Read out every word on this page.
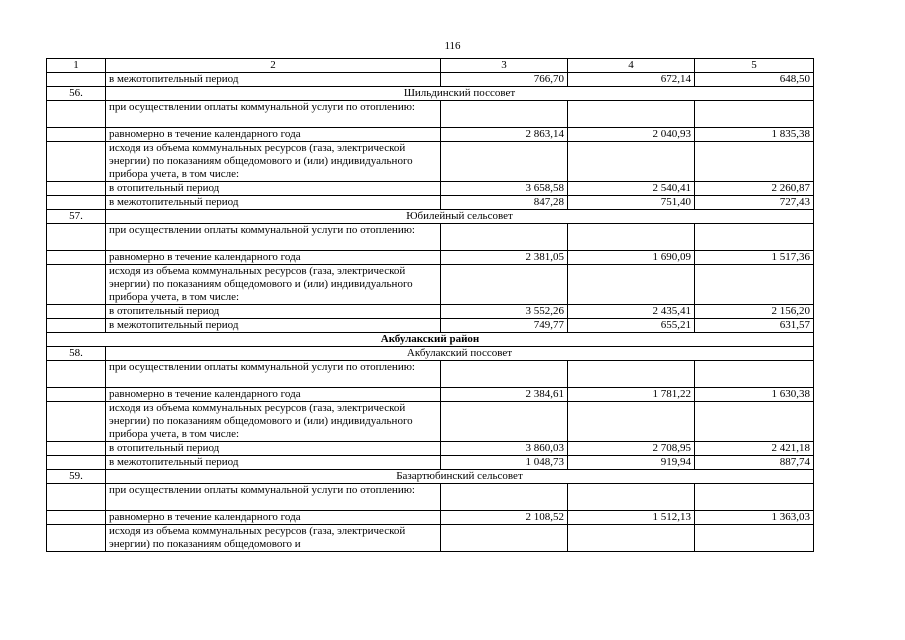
116
1	2	3	4	5
	в межотопительный период	766,70	672,14	648,50
56.	Шильдинский поссовет			
	при осуществлении оплаты коммунальной услуги по отоплению:			
	равномерно в течение календарного года	2 863,14	2 040,93	1 835,38
	исходя из объема коммунальных ресурсов (газа, электрической энергии) по показаниям общедомового и (или) индивидуального прибора учета, в том числе:			
	в отопительный период	3 658,58	2 540,41	2 260,87
	в межотопительный период	847,28	751,40	727,43
57.	Юбилейный сельсовет			
	при осуществлении оплаты коммунальной услуги по отоплению:			
	равномерно в течение календарного года	2 381,05	1 690,09	1 517,36
	исходя из объема коммунальных ресурсов (газа, электрической энергии) по показаниям общедомового и (или) индивидуального прибора учета, в том числе:			
	в отопительный период	3 552,26	2 435,41	2 156,20
	в межотопительный период	749,77	655,21	631,57
Акбулакский район				
58.	Акбулакский поссовет			
	при осуществлении оплаты коммунальной услуги по отоплению:			
	равномерно в течение календарного года	2 384,61	1 781,22	1 630,38
	исходя из объема коммунальных ресурсов (газа, электрической энергии) по показаниям общедомового и (или) индивидуального прибора учета, в том числе:			
	в отопительный период	3 860,03	2 708,95	2 421,18
	в межотопительный период	1 048,73	919,94	887,74
59.	Базартюбинский сельсовет			
	при осуществлении оплаты коммунальной услуги по отоплению:			
	равномерно в течение календарного года	2 108,52	1 512,13	1 363,03
	исходя из объема коммунальных ресурсов (газа, электрической энергии) по показаниям общедомового и			
